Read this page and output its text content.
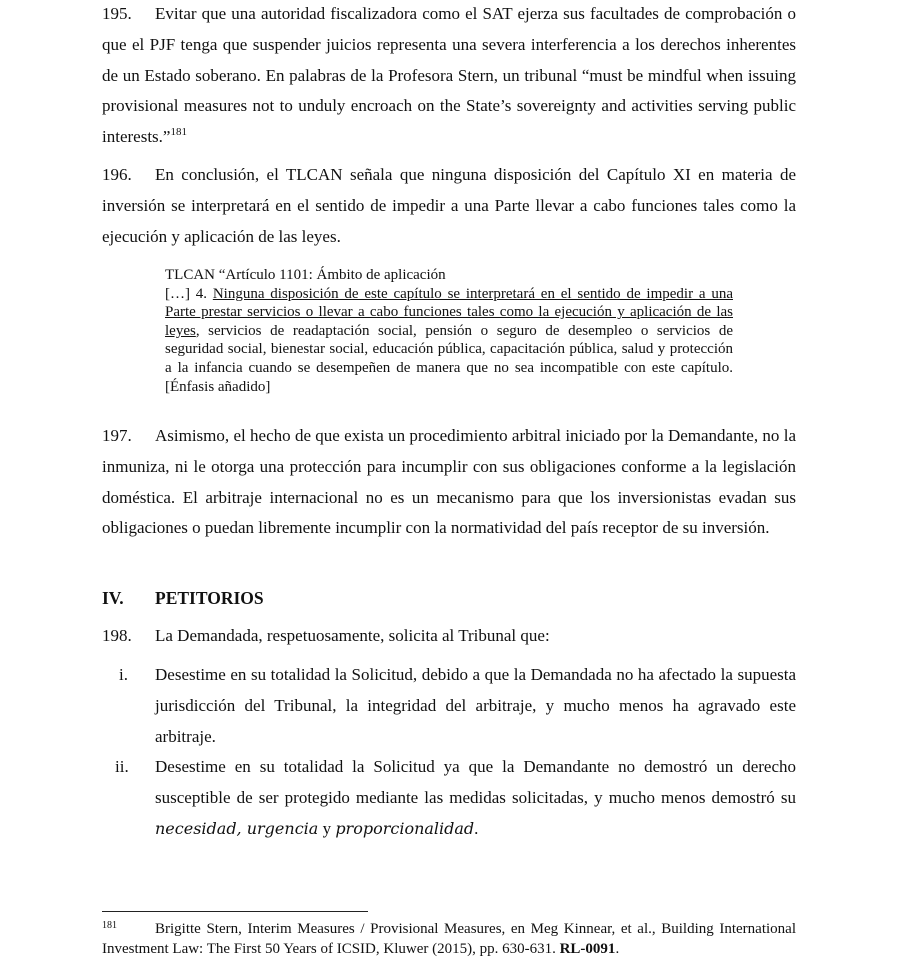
195. Evitar que una autoridad fiscalizadora como el SAT ejerza sus facultades de comprobación o que el PJF tenga que suspender juicios representa una severa interferencia a los derechos inherentes de un Estado soberano. En palabras de la Profesora Stern, un tribunal “must be mindful when issuing provisional measures not to unduly encroach on the State’s sovereignty and activities serving public interests.”$^{181}$

196. En conclusión, el TLCAN señala que ninguna disposición del Capítulo XI en materia de inversión se interpretará en el sentido de impedir a una Parte llevar a cabo funciones tales como la ejecución y aplicación de las leyes.

TLCAN “Artículo 1101: Ámbito de aplicación
[…] 4. Ninguna disposición de este capítulo se interpretará en el sentido de impedir a una Parte prestar servicios o llevar a cabo funciones tales como la ejecución y aplicación de las leyes, servicios de readaptación social, pensión o seguro de desempleo o servicios de seguridad social, bienestar social, educación pública, capacitación pública, salud y protección a la infancia cuando se desempeñen de manera que no sea incompatible con este capítulo. [Énfasis añadido]

197. Asimismo, el hecho de que exista un procedimiento arbitral iniciado por la Demandante, no la inmuniza, ni le otorga una protección para incumplir con sus obligaciones conforme a la legislación doméstica. El arbitraje internacional no es un mecanismo para que los inversionistas evadan sus obligaciones o puedan libremente incumplir con la normatividad del país receptor de su inversión.

IV. PETITORIOS

198. La Demandada, respetuosamente, solicita al Tribunal que:

i. Desestime en su totalidad la Solicitud, debido a que la Demandada no ha afectado la supuesta jurisdicción del Tribunal, la integridad del arbitraje, y mucho menos ha agravado este arbitraje.

ii. Desestime en su totalidad la Solicitud ya que la Demandante no demostró un derecho susceptible de ser protegido mediante las medidas solicitadas, y mucho menos demostró su necesidad, urgencia y proporcionalidad.

$^{181}$	Brigitte Stern, Interim Measures / Provisional Measures, en Meg Kinnear, et al., Building International Investment Law: The First 50 Years of ICSID, Kluwer (2015), pp. 630-631. RL-0091.
